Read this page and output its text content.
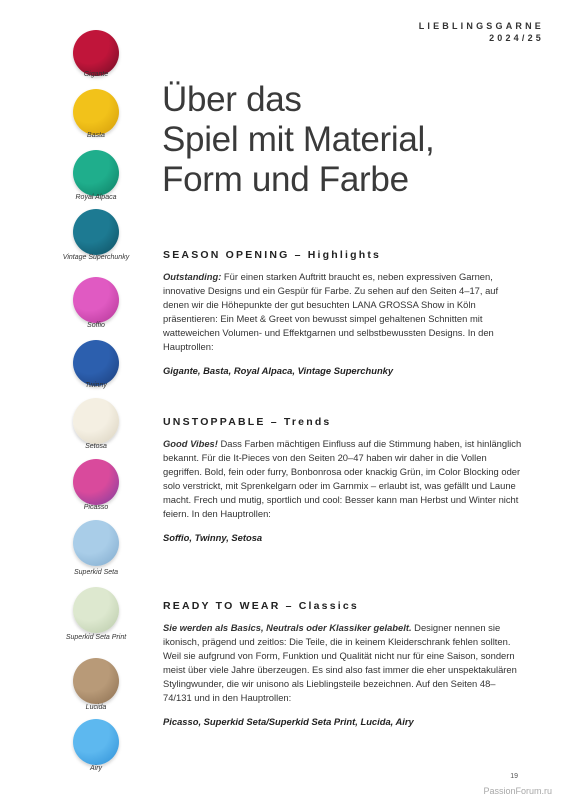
LIEBLINGSGARNE
2024/25
Gigante
Basta
Royal Alpaca
Vintage Superchunky
Soffio
Twinny
Setosa
Picasso
Superkid Seta
Superkid Seta Print
Lucida
Airy
Über das
Spiel mit Material,
Form und Farbe
SEASON OPENING – Highlights

Outstanding: Für einen starken Auftritt braucht es, neben expressiven Garnen, innovative Designs und ein Gespür für Farbe. Zu sehen auf den Seiten 4–17, auf denen wir die Höhepunkte der gut besuchten LANA GROSSA Show in Köln präsentieren: Ein Meet & Greet von bewusst simpel gehaltenen Schnitten mit watteweichen Volumen- und Effektgarnen und selbstbewussten Designs. In den Hauptrollen:

Gigante, Basta, Royal Alpaca, Vintage Superchunky

UNSTOPPABLE – Trends

Good Vibes! Dass Farben mächtigen Einfluss auf die Stimmung haben, ist hinlänglich bekannt. Für die It-Pieces von den Seiten 20–47 haben wir daher in die Vollen gegriffen. Bold, fein oder furry, Bonbonrosa oder knackig Grün, im Color Blocking oder solo verstrickt, mit Sprenkelgarn oder im Garnmix – erlaubt ist, was gefällt und Laune macht. Frech und mutig, sportlich und cool: Besser kann man Herbst und Winter nicht feiern. In den Hauptrollen:

Soffio, Twinny, Setosa

READY TO WEAR – Classics

Sie werden als Basics, Neutrals oder Klassiker gelabelt. Designer nennen sie ikonisch, prägend und zeitlos: Die Teile, die in keinem Kleiderschrank fehlen sollten. Weil sie aufgrund von Form, Funktion und Qualität nicht nur für eine Saison, sondern meist über viele Jahre überzeugen. Es sind also fast immer die eher unspektakulären Stylingwunder, die wir unisono als Lieblingsteile bezeichnen. Auf den Seiten 48–74/131 und in den Hauptrollen:

Picasso, Superkid Seta/Superkid Seta Print, Lucida, Airy

19
PassionForum.ru
